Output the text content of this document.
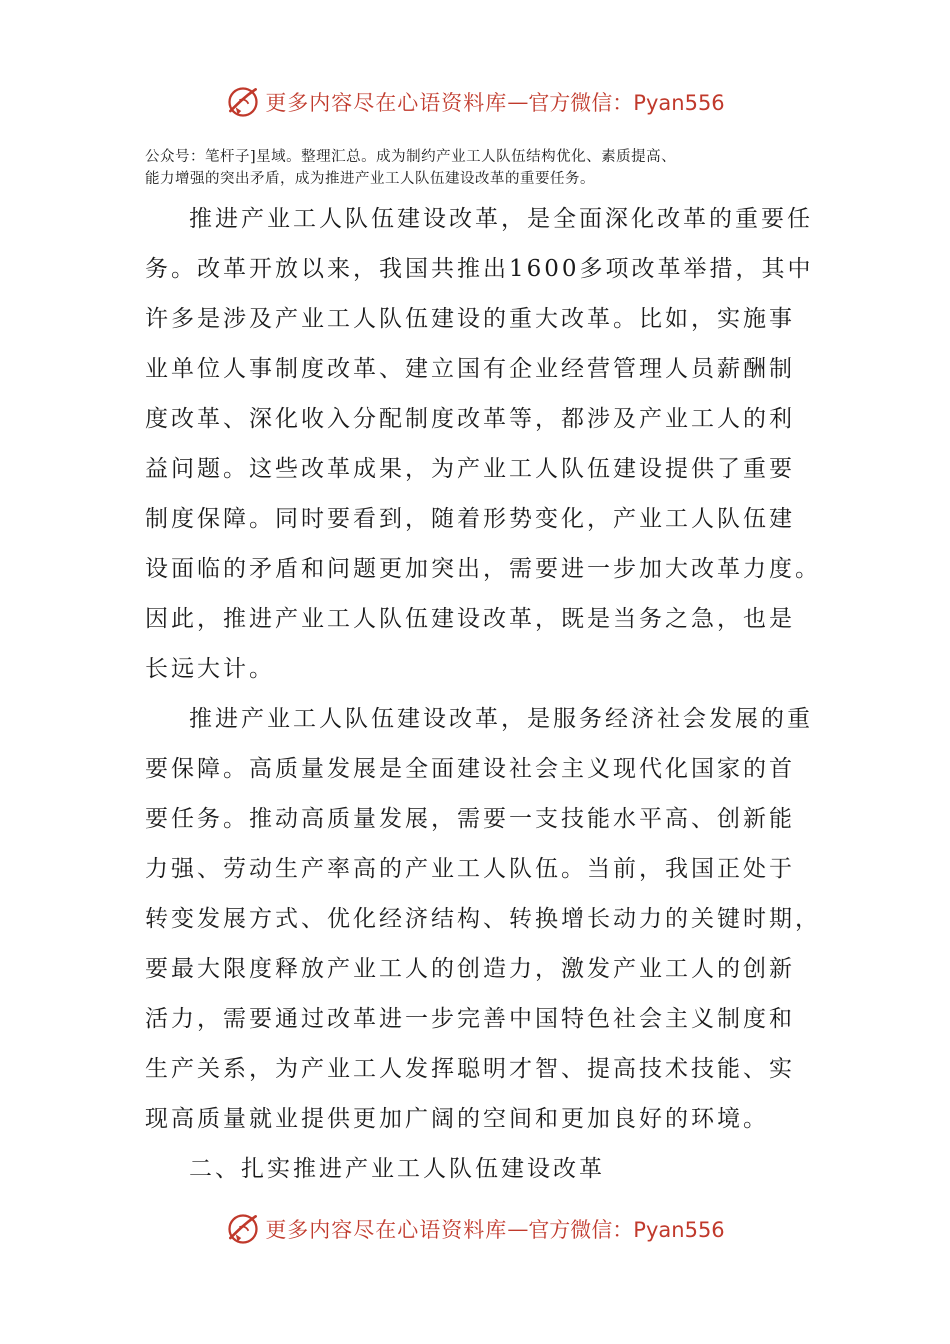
更多内容尽在心语资料库 — 官方微信：Pyan556
公众号：笔杆子]星域。整理汇总。成为制约产业工人队伍结构优化、素质提高、
能力增强的突出矛盾，成为推进产业工人队伍建设改革的重要任务。
推进产业工人队伍建设改革，是全面深化改革的重要任
务。改革开放以来，我国共推出1600多项改革举措，其中
许多是涉及产业工人队伍建设的重大改革。比如，实施事
业单位人事制度改革、建立国有企业经营管理人员薪酬制
度改革、深化收入分配制度改革等，都涉及产业工人的利
益问题。这些改革成果，为产业工人队伍建设提供了重要
制度保障。同时要看到，随着形势变化，产业工人队伍建
设面临的矛盾和问题更加突出，需要进一步加大改革力度。
因此，推进产业工人队伍建设改革，既是当务之急，也是
长远大计。
推进产业工人队伍建设改革，是服务经济社会发展的重
要保障。高质量发展是全面建设社会主义现代化国家的首
要任务。推动高质量发展，需要一支技能水平高、创新能
力强、劳动生产率高的产业工人队伍。当前，我国正处于
转变发展方式、优化经济结构、转换增长动力的关键时期，
要最大限度释放产业工人的创造力，激发产业工人的创新
活力，需要通过改革进一步完善中国特色社会主义制度和
生产关系，为产业工人发挥聪明才智、提高技术技能、实
现高质量就业提供更加广阔的空间和更加良好的环境。
二、扎实推进产业工人队伍建设改革
更多内容尽在心语资料库 — 官方微信：Pyan556
